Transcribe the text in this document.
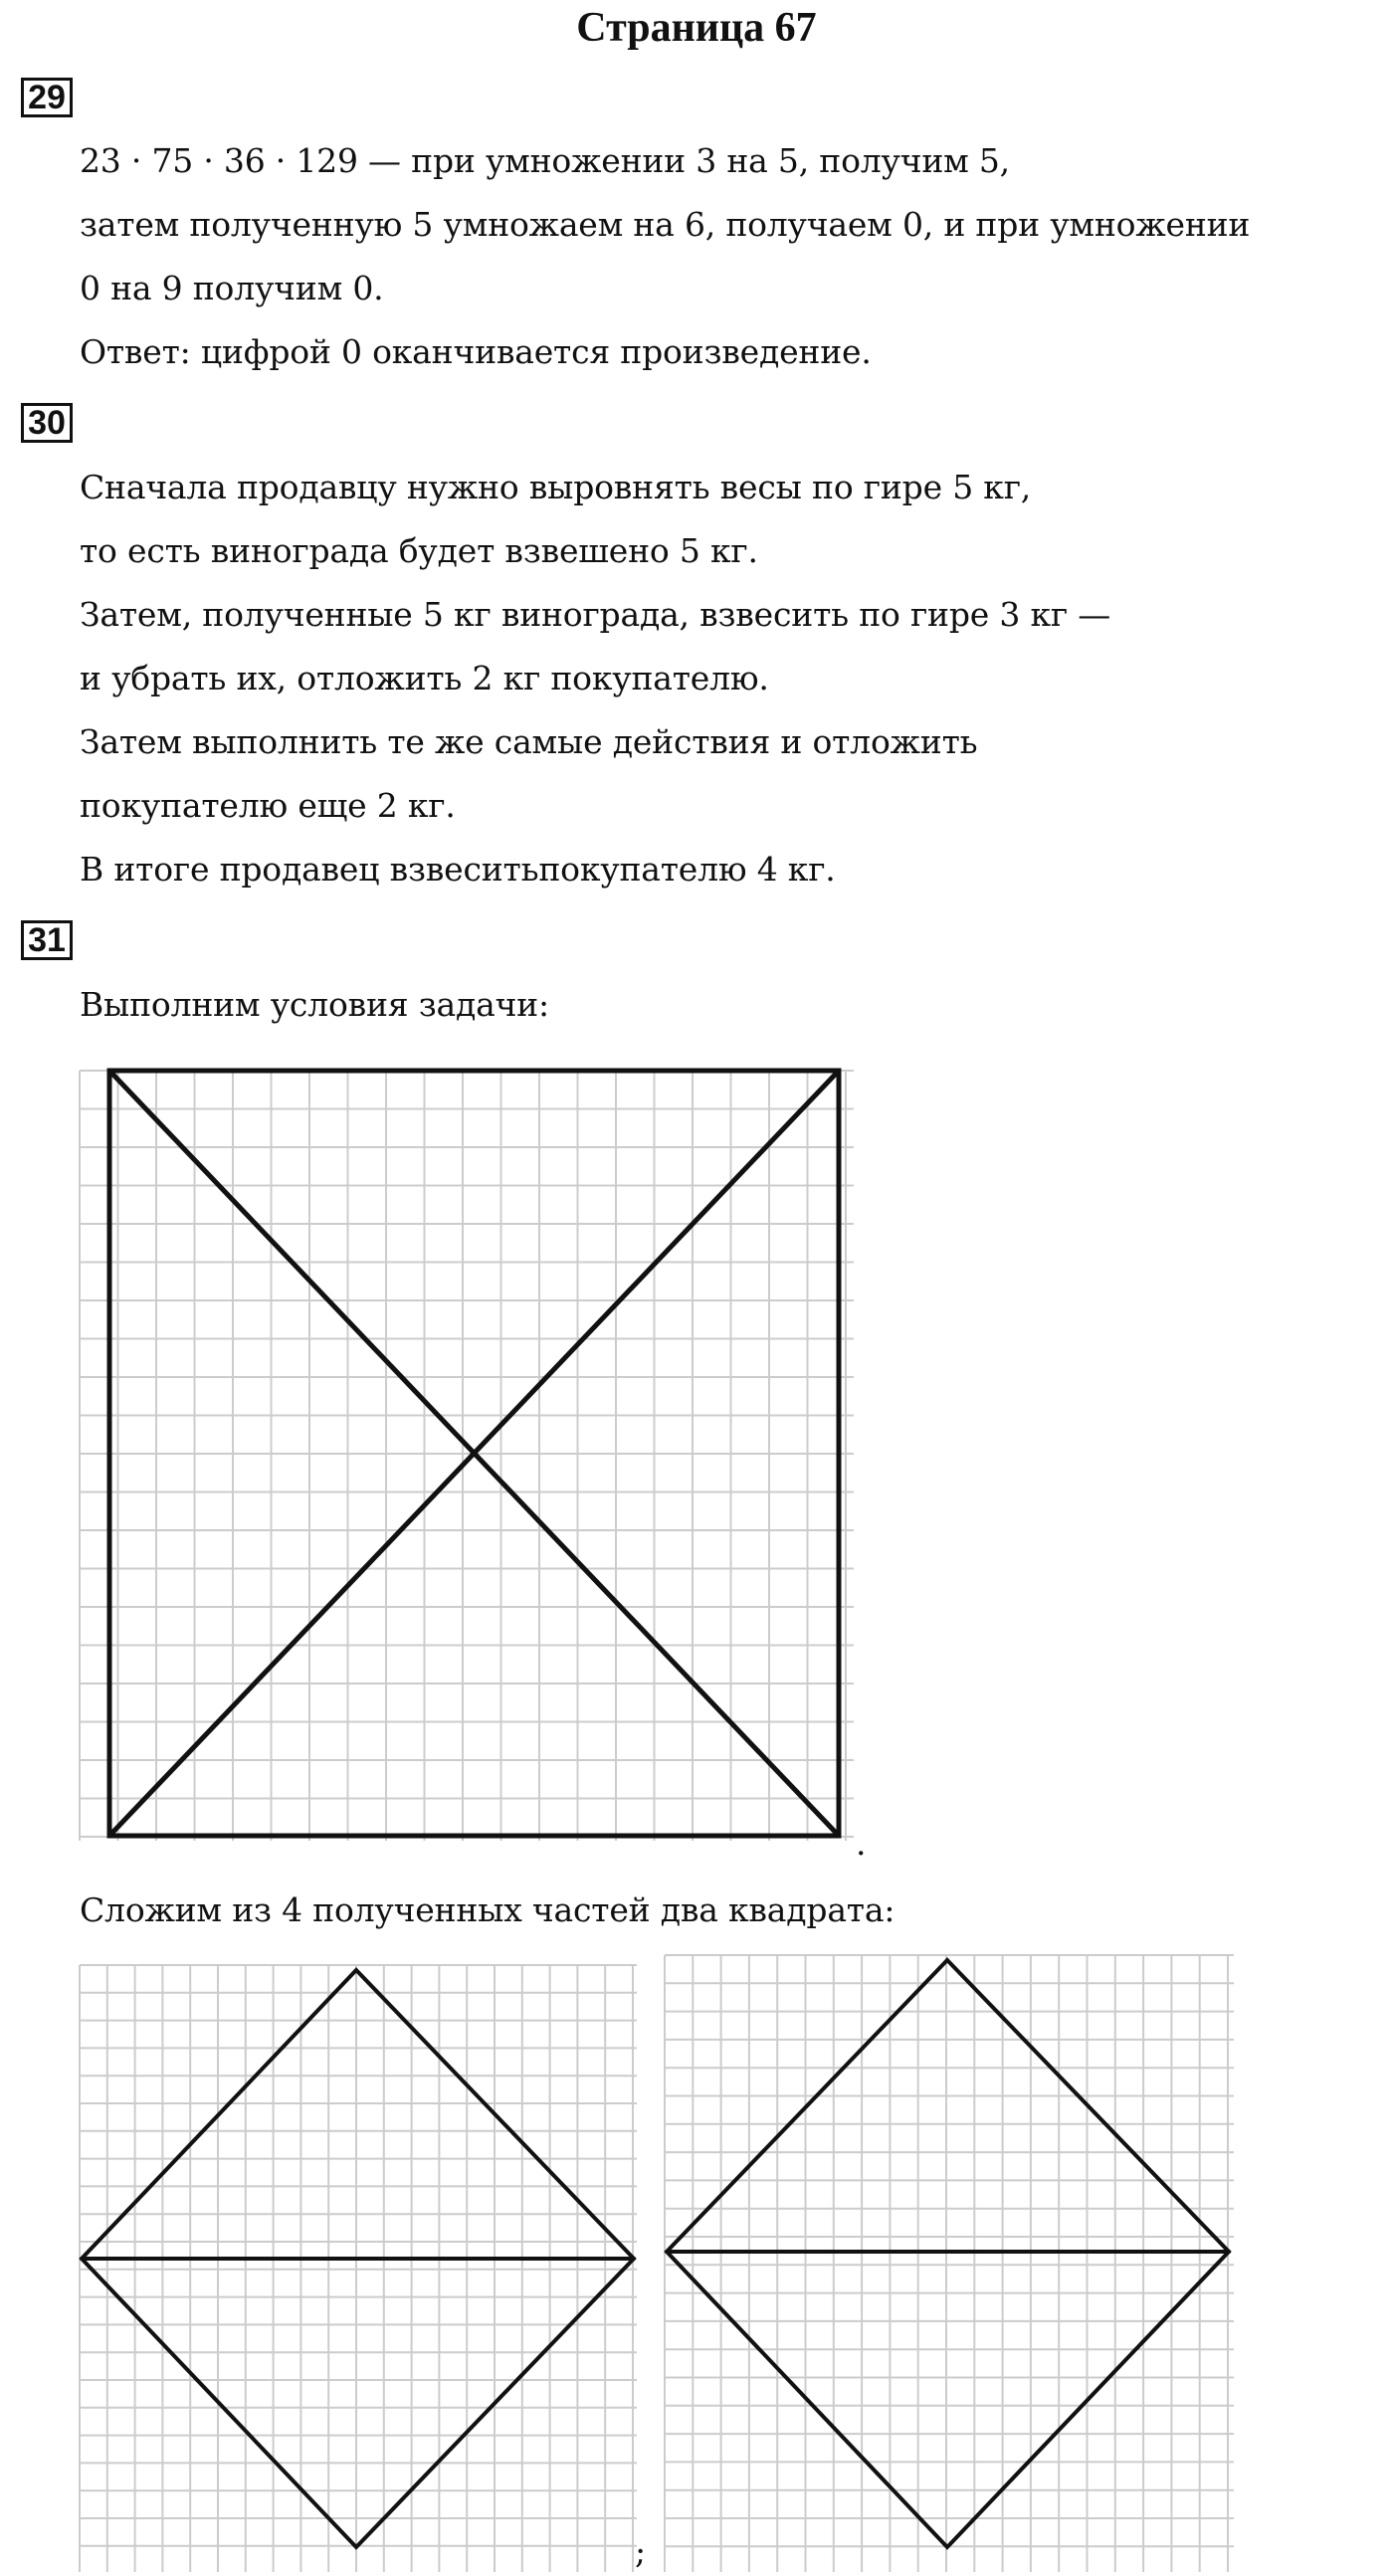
Страница 67
29
23 · 75 · 36 · 129 — при умножении 3 на 5, получим 5,
затем полученную 5 умножаем на 6, получаем 0, и при умножении
0 на 9 получим 0.
Ответ: цифрой 0 оканчивается произведение.
30
Сначала продавцу нужно выровнять весы по гире 5 кг,
то есть винограда будет взвешено 5 кг.
Затем, полученные 5 кг винограда, взвесить по гире 3 кг —
и убрать их, отложить 2 кг покупателю.
Затем выполнить те же самые действия и отложить
покупателю еще 2 кг.
В итоге продавец взвеситьпокупателю 4 кг.
31
Выполним условия задачи:
.
Сложим из 4 полученных частей два квадрата:
;
